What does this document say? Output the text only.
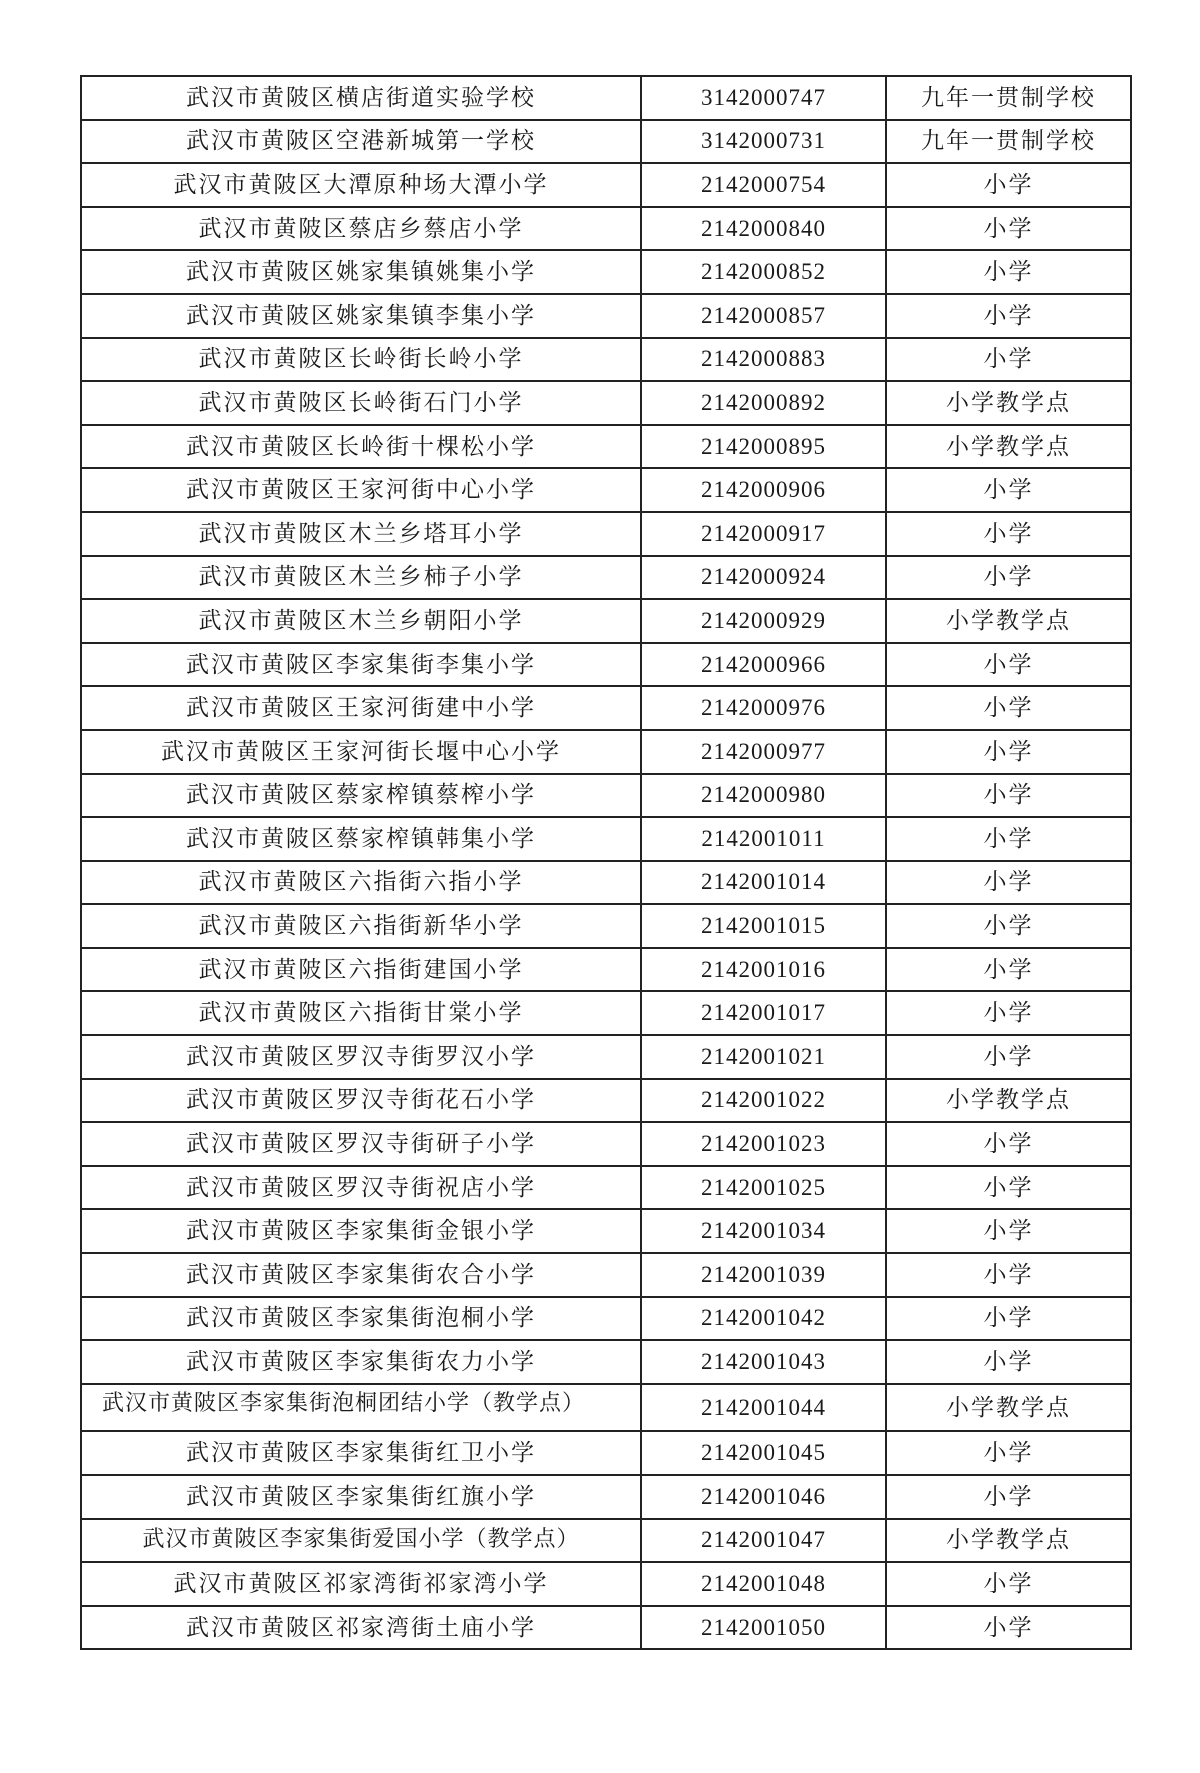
武汉市黄陂区横店街道实验学校	3142000747	九年一贯制学校
武汉市黄陂区空港新城第一学校	3142000731	九年一贯制学校
武汉市黄陂区大潭原种场大潭小学	2142000754	小学
武汉市黄陂区蔡店乡蔡店小学	2142000840	小学
武汉市黄陂区姚家集镇姚集小学	2142000852	小学
武汉市黄陂区姚家集镇李集小学	2142000857	小学
武汉市黄陂区长岭街长岭小学	2142000883	小学
武汉市黄陂区长岭街石门小学	2142000892	小学教学点
武汉市黄陂区长岭街十棵松小学	2142000895	小学教学点
武汉市黄陂区王家河街中心小学	2142000906	小学
武汉市黄陂区木兰乡塔耳小学	2142000917	小学
武汉市黄陂区木兰乡柿子小学	2142000924	小学
武汉市黄陂区木兰乡朝阳小学	2142000929	小学教学点
武汉市黄陂区李家集街李集小学	2142000966	小学
武汉市黄陂区王家河街建中小学	2142000976	小学
武汉市黄陂区王家河街长堰中心小学	2142000977	小学
武汉市黄陂区蔡家榨镇蔡榨小学	2142000980	小学
武汉市黄陂区蔡家榨镇韩集小学	2142001011	小学
武汉市黄陂区六指街六指小学	2142001014	小学
武汉市黄陂区六指街新华小学	2142001015	小学
武汉市黄陂区六指街建国小学	2142001016	小学
武汉市黄陂区六指街甘棠小学	2142001017	小学
武汉市黄陂区罗汉寺街罗汉小学	2142001021	小学
武汉市黄陂区罗汉寺街花石小学	2142001022	小学教学点
武汉市黄陂区罗汉寺街研子小学	2142001023	小学
武汉市黄陂区罗汉寺街祝店小学	2142001025	小学
武汉市黄陂区李家集街金银小学	2142001034	小学
武汉市黄陂区李家集街农合小学	2142001039	小学
武汉市黄陂区李家集街泡桐小学	2142001042	小学
武汉市黄陂区李家集街农力小学	2142001043	小学
武汉市黄陂区李家集街泡桐团结小学（教学点）	2142001044	小学教学点
武汉市黄陂区李家集街红卫小学	2142001045	小学
武汉市黄陂区李家集街红旗小学	2142001046	小学
武汉市黄陂区李家集街爱国小学（教学点）	2142001047	小学教学点
武汉市黄陂区祁家湾街祁家湾小学	2142001048	小学
武汉市黄陂区祁家湾街土庙小学	2142001050	小学
